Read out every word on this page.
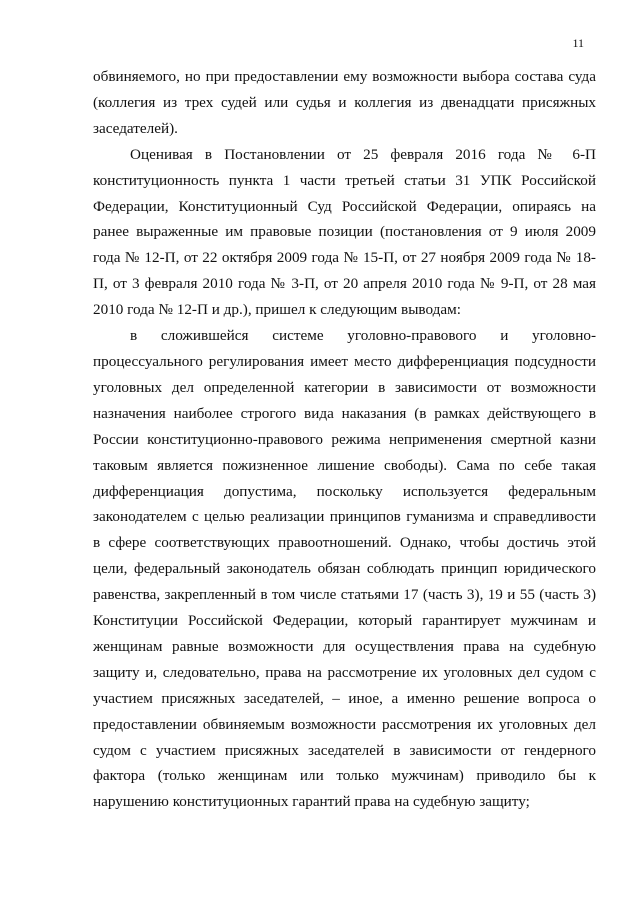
11

обвиняемого, но при предоставлении ему возможности выбора состава суда (коллегия из трех судей или судья и коллегия из двенадцати присяжных заседателей).

Оценивая в Постановлении от 25 февраля 2016 года № 6-П конституционность пункта 1 части третьей статьи 31 УПК Российской Федерации, Конституционный Суд Российской Федерации, опираясь на ранее выраженные им правовые позиции (постановления от 9 июля 2009 года № 12-П, от 22 октября 2009 года № 15-П, от 27 ноября 2009 года № 18-П, от 3 февраля 2010 года № 3-П, от 20 апреля 2010 года № 9-П, от 28 мая 2010 года № 12-П и др.), пришел к следующим выводам:

в сложившейся системе уголовно-правового и уголовно-процессуального регулирования имеет место дифференциация подсудности уголовных дел определенной категории в зависимости от возможности назначения наиболее строгого вида наказания (в рамках действующего в России конституционно-правового режима неприменения смертной казни таковым является пожизненное лишение свободы). Сама по себе такая дифференциация допустима, поскольку используется федеральным законодателем с целью реализации принципов гуманизма и справедливости в сфере соответствующих правоотношений. Однако, чтобы достичь этой цели, федеральный законодатель обязан соблюдать принцип юридического равенства, закрепленный в том числе статьями 17 (часть 3), 19 и 55 (часть 3) Конституции Российской Федерации, который гарантирует мужчинам и женщинам равные возможности для осуществления права на судебную защиту и, следовательно, права на рассмотрение их уголовных дел судом с участием присяжных заседателей, – иное, а именно решение вопроса о предоставлении обвиняемым возможности рассмотрения их уголовных дел судом с участием присяжных заседателей в зависимости от гендерного фактора (только женщинам или только мужчинам) приводило бы к нарушению конституционных гарантий права на судебную защиту;
